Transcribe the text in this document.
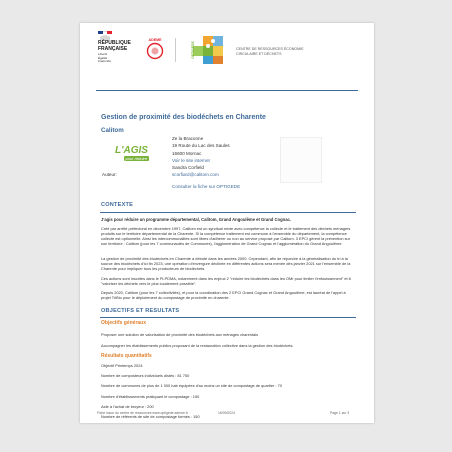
RÉPUBLIQUE
FRANÇAISE
Liberté
Égalité
Fraternité
ADEME
OPTIGEDE	CENTRE DE RESSOURCES ÉCONOMIE
CIRCULAIRE ET DÉCHETS
Gestion de proximité des biodéchets en Charente
Calitom
L'AGIS
pour réduire
Auteur:
Ze la Braconne
19 Route du Lac des Saules
16600 Mornac
Voir le site internet
Sandra Corfield
scorfiard@calitom.com
Consulter la fiche sur OPTIGEDE
CONTEXTE
J'agis pour réduire un programme départemental, Calitom, Grand Angoulême et Grand Cognac.
Créé par arrêté préfectoral en décembre 1997, Calitom est un syndicat mixte avec compétence la collecte et le traitement des déchets ménagers produits sur le territoire départemental de la Charente. Si la compétence traitement est commune à l'ensemble du département, la compétence collecte est optionnelle. Ainsi les intercommunalités sont libres d'adhérer ou non au service proposé par Calitom. 3 EPCI gèrent la prévention sur son territoire : Calitom (pour les 7 communautés de Communes), l'agglomération de Grand Cognac et l'agglomération du Grand Angoulême.
La gestion de proximité des biodéchets en Charente a débuté dans les années 2000. Cependant, afin de répondre à la généralisation du tri à la source des biodéchets d'ici fin 2023, une opération d'envergure déclinée en différentes actions sera menée dès janvier 2021 sur l'ensemble de la Charente pour impliquer tous les producteurs de biodéchets.
Ces actions sont inscrites dans le PLPDMA, notamment dans les enjeux 2 "réduire les biodéchets dans les OMr pour limiter l'enfouissement" et 6 "valoriser les déchets vers le plus localement possible".
Depuis 2020, Calitom (pour les 7 collectivités), et pour la coordination des 2 EPCI Grand Cognac et Grand Angoulême, est lauréat de l'appel à projet TriBio pour le déploiement du compostage de proximité en charente.
OBJECTIFS ET RESULTATS
Objectifs généraux
Proposer une solution de valorisation de proximité des biodéchets aux ménages charentais
Accompagner les établissements publics proposant de la restauration collective dans la gestion des biodéchets.
Résultats quantitatifs
Objectif Printemps 2024
Nombre de composteurs individuels distés : 81 750
Nombre de communes de plus de 1 000 hab équipées d'au moins un site de compostage de quartier : 70
Nombre d'établissements pratiquant le compostage : 150
Aide à l'achat de broyeur : 200
Nombre de référents de site de compostage formés : 150
Fiche issue du centre de ressources www.optigede.ademe.fr	16/09/2024	Page 1 sur 3
